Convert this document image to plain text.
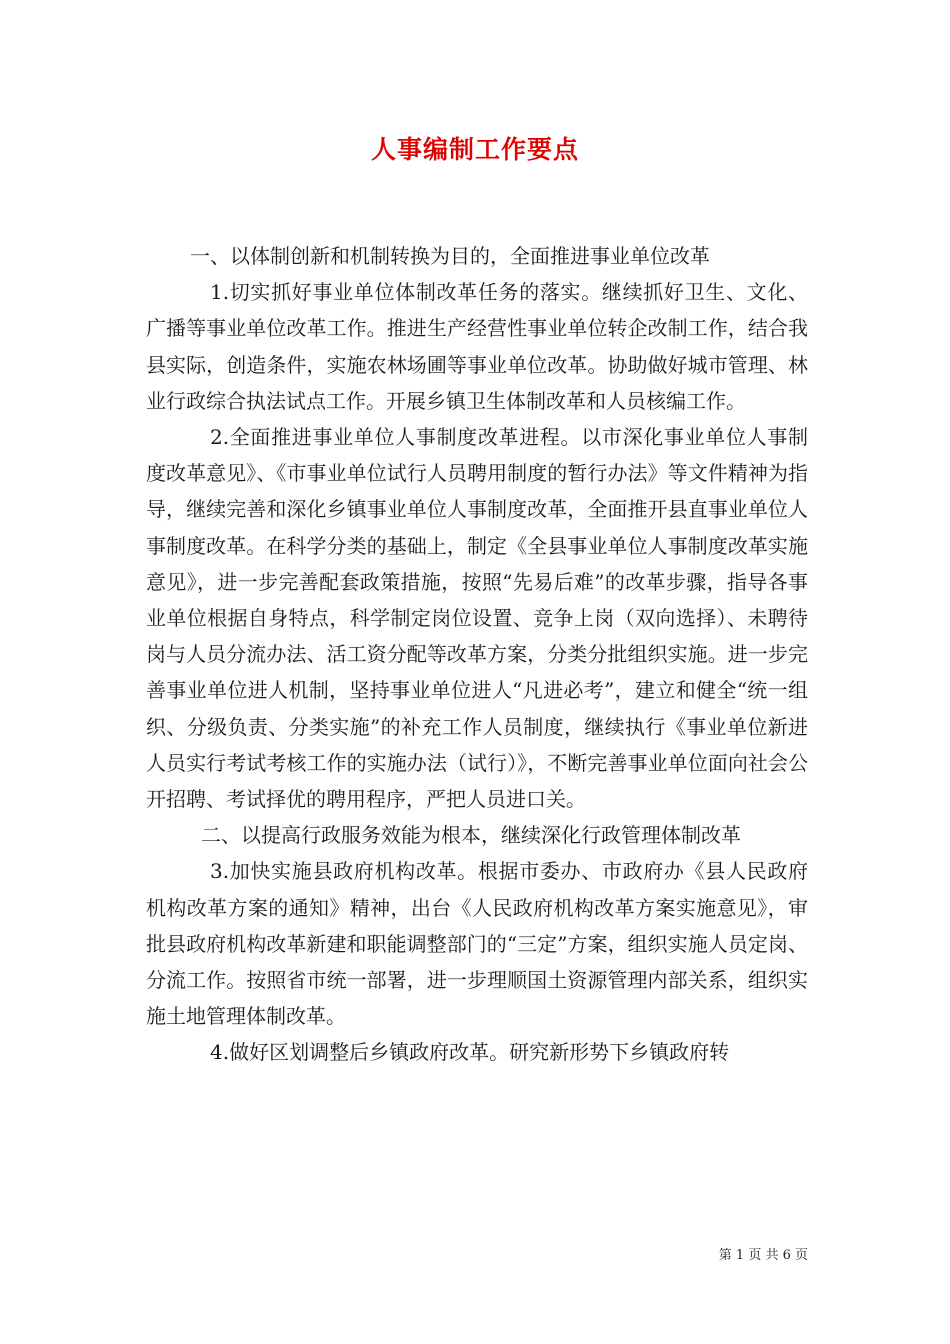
人事编制工作要点

一、以体制创新和机制转换为目的，全面推进事业单位改革

1.切实抓好事业单位体制改革任务的落实。继续抓好卫生、文化、广播等事业单位改革工作。推进生产经营性事业单位转企改制工作，结合我县实际，创造条件，实施农林场圃等事业单位改革。协助做好城市管理、林业行政综合执法试点工作。开展乡镇卫生体制改革和人员核编工作。

2.全面推进事业单位人事制度改革进程。以市深化事业单位人事制度改革意见》、《市事业单位试行人员聘用制度的暂行办法》等文件精神为指导，继续完善和深化乡镇事业单位人事制度改革，全面推开县直事业单位人事制度改革。在科学分类的基础上，制定《全县事业单位人事制度改革实施意见》，进一步完善配套政策措施，按照“先易后难”的改革步骤，指导各事业单位根据自身特点，科学制定岗位设置、竞争上岗（双向选择）、未聘待岗与人员分流办法、活工资分配等改革方案，分类分批组织实施。进一步完善事业单位进人机制，坚持事业单位进人“凡进必考”，建立和健全“统一组织、分级负责、分类实施”的补充工作人员制度，继续执行《事业单位新进人员实行考试考核工作的实施办法（试行）》，不断完善事业单位面向社会公开招聘、考试择优的聘用程序，严把人员进口关。

二、以提高行政服务效能为根本，继续深化行政管理体制改革

3.加快实施县政府机构改革。根据市委办、市政府办《县人民政府机构改革方案的通知》精神，出台《人民政府机构改革方案实施意见》，审批县政府机构改革新建和职能调整部门的“三定”方案，组织实施人员定岗、分流工作。按照省市统一部署，进一步理顺国土资源管理内部关系，组织实施土地管理体制改革。

4.做好区划调整后乡镇政府改革。研究新形势下乡镇政府转

第 1 页 共 6 页
